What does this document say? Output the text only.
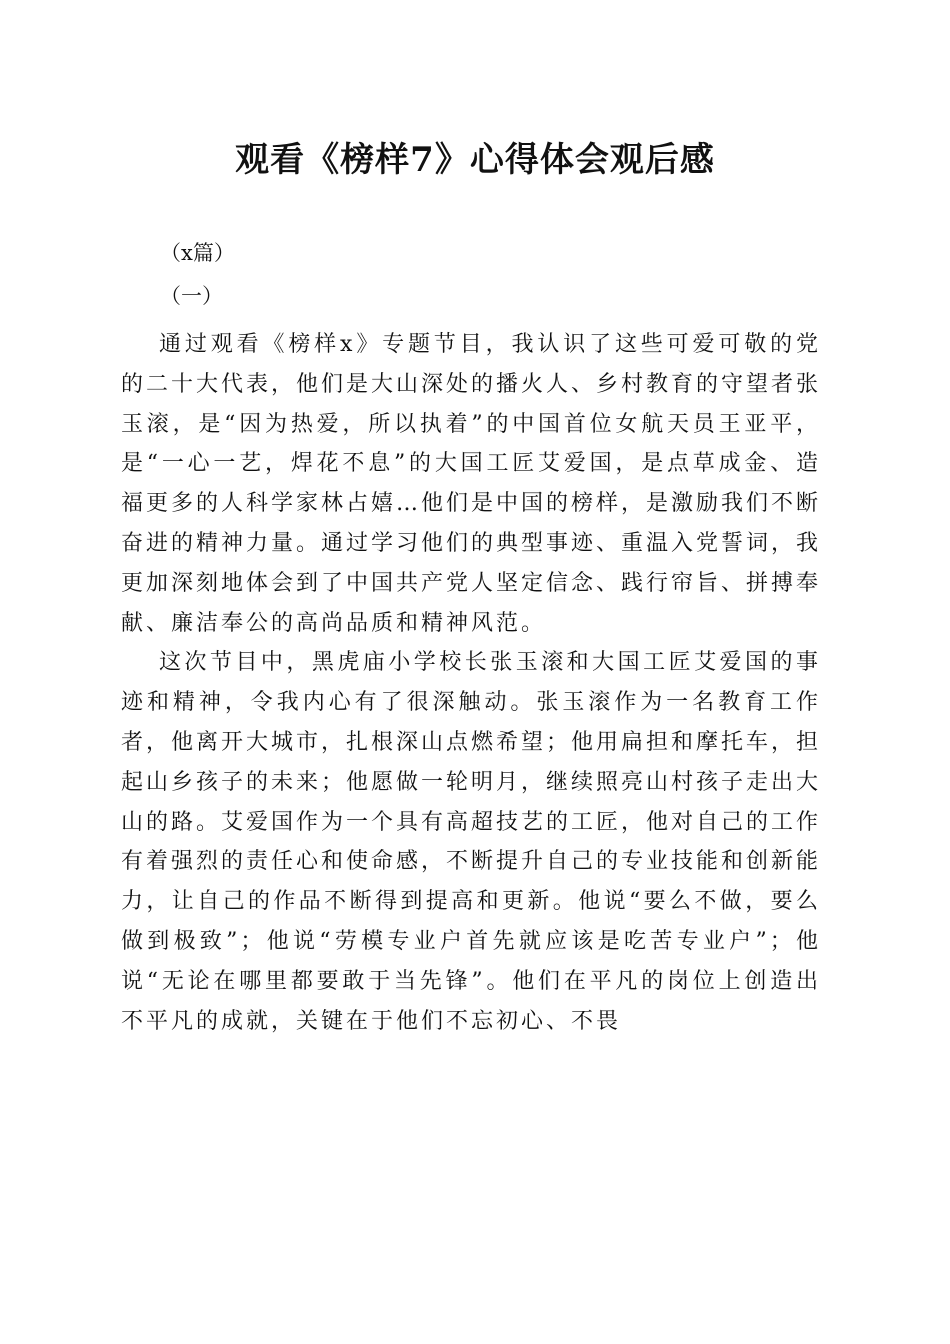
观看《榜样7》心得体会观后感
（x篇）
（一）

通过观看《榜样x》专题节目，我认识了这些可爱可敬的党的二十大代表，他们是大山深处的播火人、乡村教育的守望者张玉滚，是“因为热爱，所以执着”的中国首位女航天员王亚平，是“一心一艺，焊花不息”的大国工匠艾爱国，是点草成金、造福更多的人科学家林占嬉…他们是中国的榜样，是激励我们不断奋进的精神力量。通过学习他们的典型事迹、重温入党誓词，我更加深刻地体会到了中国共产党人坚定信念、践行帘旨、拼搏奉献、廉洁奉公的高尚品质和精神风范。

这次节目中，黑虎庙小学校长张玉滚和大国工匠艾爱国的事迹和精神，令我内心有了很深触动。张玉滚作为一名教育工作者，他离开大城市，扎根深山点燃希望；他用扁担和摩托车，担起山乡孩子的未来；他愿做一轮明月，继续照亮山村孩子走出大山的路。艾爱国作为一个具有高超技艺的工匠，他对自己的工作有着强烈的责任心和使命感，不断提升自己的专业技能和创新能力，让自己的作品不断得到提高和更新。他说“要么不做，要么做到极致”；他说“劳模专业户首先就应该是吃苦专业户”；他说“无论在哪里都要敢于当先锋”。他们在平凡的岗位上创造出不平凡的成就，关键在于他们不忘初心、不畏
